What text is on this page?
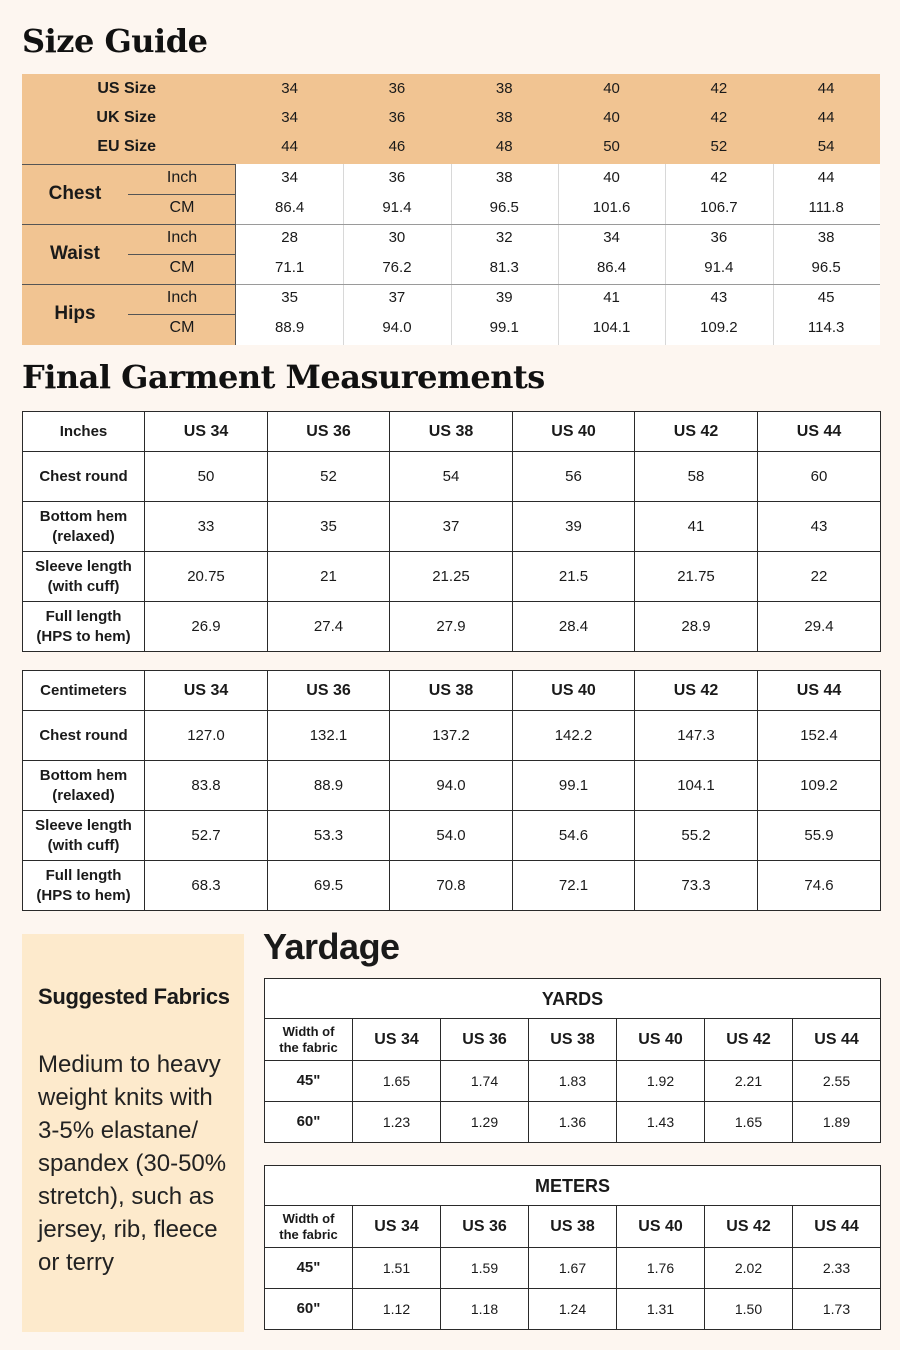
Size Guide
US Size	34	36	38	40	42	44
UK Size	34	36	38	40	42	44
EU Size	44	46	48	50	52	54
Chest
Inch	34	36	38	40	42	44
CM	86.4	91.4	96.5	101.6	106.7	111.8
Waist
Inch	28	30	32	34	36	38
CM	71.1	76.2	81.3	86.4	91.4	96.5
Hips
Inch	35	37	39	41	43	45
CM	88.9	94.0	99.1	104.1	109.2	114.3
Final Garment Measurements
Inches	US 34	US 36	US 38	US 40	US 42	US 44
Chest round	50	52	54	56	58	60
Bottom hem
(relaxed)	33	35	37	39	41	43
Sleeve length
(with cuff)	20.75	21	21.25	21.5	21.75	22
Full length
(HPS to hem)	26.9	27.4	27.9	28.4	28.9	29.4
Centimeters	US 34	US 36	US 38	US 40	US 42	US 44
Chest round	127.0	132.1	137.2	142.2	147.3	152.4
Bottom hem
(relaxed)	83.8	88.9	94.0	99.1	104.1	109.2
Sleeve length
(with cuff)	52.7	53.3	54.0	54.6	55.2	55.9
Full length
(HPS to hem)	68.3	69.5	70.8	72.1	73.3	74.6
Suggested Fabrics
Medium to heavy weight knits with 3-5% elastane/ spandex (30-50% stretch), such as jersey, rib, fleece or terry
Yardage
YARDS						
Width of
the fabric	US 34	US 36	US 38	US 40	US 42	US 44
45"	1.65	1.74	1.83	1.92	2.21	2.55
60"	1.23	1.29	1.36	1.43	1.65	1.89
METERS						
Width of
the fabric	US 34	US 36	US 38	US 40	US 42	US 44
45"	1.51	1.59	1.67	1.76	2.02	2.33
60"	1.12	1.18	1.24	1.31	1.50	1.73
